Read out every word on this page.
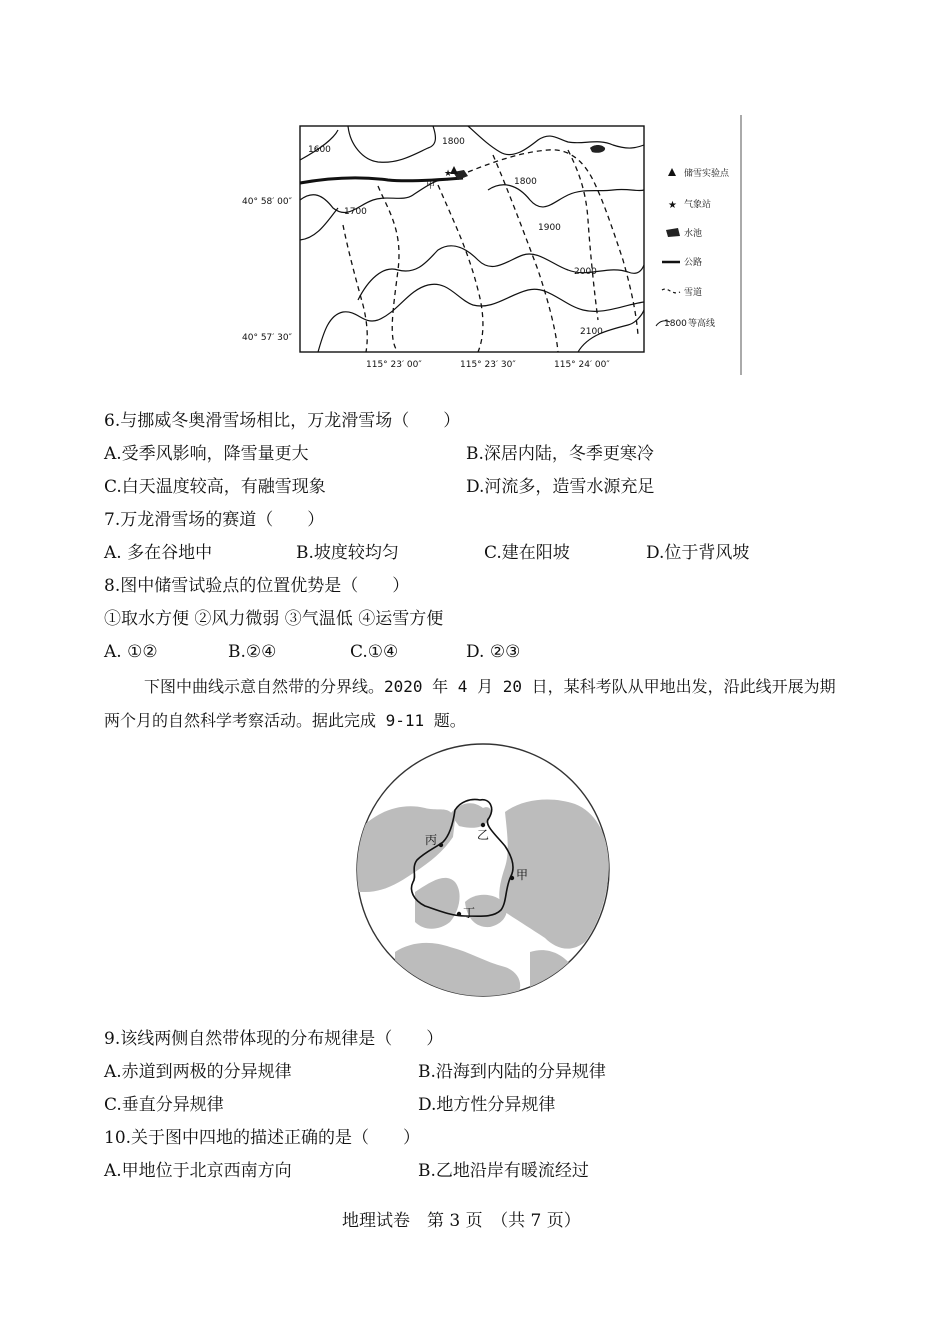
★
1600
1800
1800
1700
1900
2000
2100
甲
40° 58′ 00″
40° 57′ 30″
115° 23′ 00″	115° 23′ 30″	115° 24′ 00″
储雪实验点
★ 气象站
水池
公路
雪道
1800 等高线
6.与挪威冬奥滑雪场相比，万龙滑雪场（　　）
A.受季风影响，降雪量更大	B.深居内陆，冬季更寒冷
C.白天温度较高，有融雪现象	D.河流多，造雪水源充足
7.万龙滑雪场的赛道（　　）
A. 多在谷地中	B.坡度较均匀	C.建在阳坡	D.位于背风坡
8.图中储雪试验点的位置优势是（　　）
①取水方便 ②风力微弱 ③气温低 ④运雪方便
A. ①②	B.②④	C.①④	D. ②③
下图中曲线示意自然带的分界线。2020 年 4 月 20 日，某科考队从甲地出发，沿此线开展为期两个月的自然科学考察活动。据此完成 9-11 题。
乙
丙
甲
丁
9.该线两侧自然带体现的分布规律是（　　）
A.赤道到两极的分异规律	B.沿海到内陆的分异规律
C.垂直分异规律	D.地方性分异规律
10.关于图中四地的描述正确的是（　　）
A.甲地位于北京西南方向	B.乙地沿岸有暖流经过
地理试卷　第 3 页　（共 7 页）
